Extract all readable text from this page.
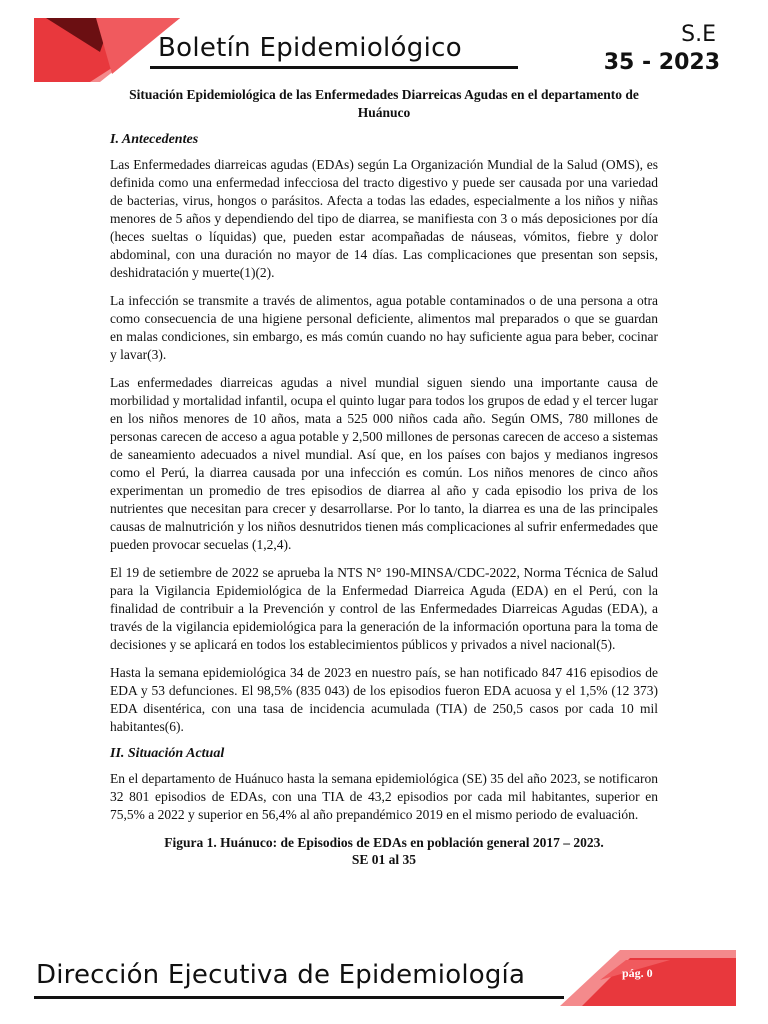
Boletín Epidemiológico	S.E
35 - 2023
Situación Epidemiológica de las Enfermedades Diarreicas Agudas en el departamento de Huánuco
I. Antecedentes

Las Enfermedades diarreicas agudas (EDAs) según La Organización Mundial de la Salud (OMS), es definida como una enfermedad infecciosa del tracto digestivo y puede ser causada por una variedad de bacterias, virus, hongos o parásitos. Afecta a todas las edades, especialmente a los niños y niñas menores de 5 años y dependiendo del tipo de diarrea, se manifiesta con 3 o más deposiciones por día (heces sueltas o líquidas) que, pueden estar acompañadas de náuseas, vómitos, fiebre y dolor abdominal, con una duración no mayor de 14 días. Las complicaciones que presentan son sepsis, deshidratación y muerte(1)(2).

La infección se transmite a través de alimentos, agua potable contaminados o de una persona a otra como consecuencia de una higiene personal deficiente, alimentos mal preparados o que se guardan en malas condiciones, sin embargo, es más común cuando no hay suficiente agua para beber, cocinar y lavar(3).

Las enfermedades diarreicas agudas a nivel mundial siguen siendo una importante causa de morbilidad y mortalidad infantil, ocupa el quinto lugar para todos los grupos de edad y el tercer lugar en los niños menores de 10 años, mata a 525 000 niños cada año. Según OMS, 780 millones de personas carecen de acceso a agua potable y 2,500 millones de personas carecen de acceso a sistemas de saneamiento adecuados a nivel mundial. Así que, en los países con bajos y medianos ingresos como el Perú, la diarrea causada por una infección es común. Los niños menores de cinco años experimentan un promedio de tres episodios de diarrea al año y cada episodio los priva de los nutrientes que necesitan para crecer y desarrollarse. Por lo tanto, la diarrea es una de las principales causas de malnutrición y los niños desnutridos tienen más complicaciones al sufrir enfermedades que pueden provocar secuelas (1,2,4).

El 19 de setiembre de 2022 se aprueba la NTS N° 190-MINSA/CDC-2022, Norma Técnica de Salud para la Vigilancia Epidemiológica de la Enfermedad Diarreica Aguda (EDA) en el Perú, con la finalidad de contribuir a la Prevención y control de las Enfermedades Diarreicas Agudas (EDA), a través de la vigilancia epidemiológica para la generación de la información oportuna para la toma de decisiones y se aplicará en todos los establecimientos públicos y privados a nivel nacional(5).

Hasta la semana epidemiológica 34 de 2023 en nuestro país, se han notificado 847 416 episodios de EDA y 53 defunciones. El 98,5% (835 043) de los episodios fueron EDA acuosa y el 1,5% (12 373) EDA disentérica, con una tasa de incidencia acumulada (TIA) de 250,5 casos por cada 10 mil habitantes(6).

II. Situación Actual

En el departamento de Huánuco hasta la semana epidemiológica (SE) 35 del año 2023, se notificaron 32 801 episodios de EDAs, con una TIA de 43,2 episodios por cada mil habitantes, superior en 75,5% a 2022 y superior en 56,4% al año prepandémico 2019 en el mismo periodo de evaluación.

Figura 1. Huánuco: de Episodios de EDAs en población general 2017 – 2023.
SE 01 al 35
Dirección Ejecutiva de Epidemiología	pág. 0
